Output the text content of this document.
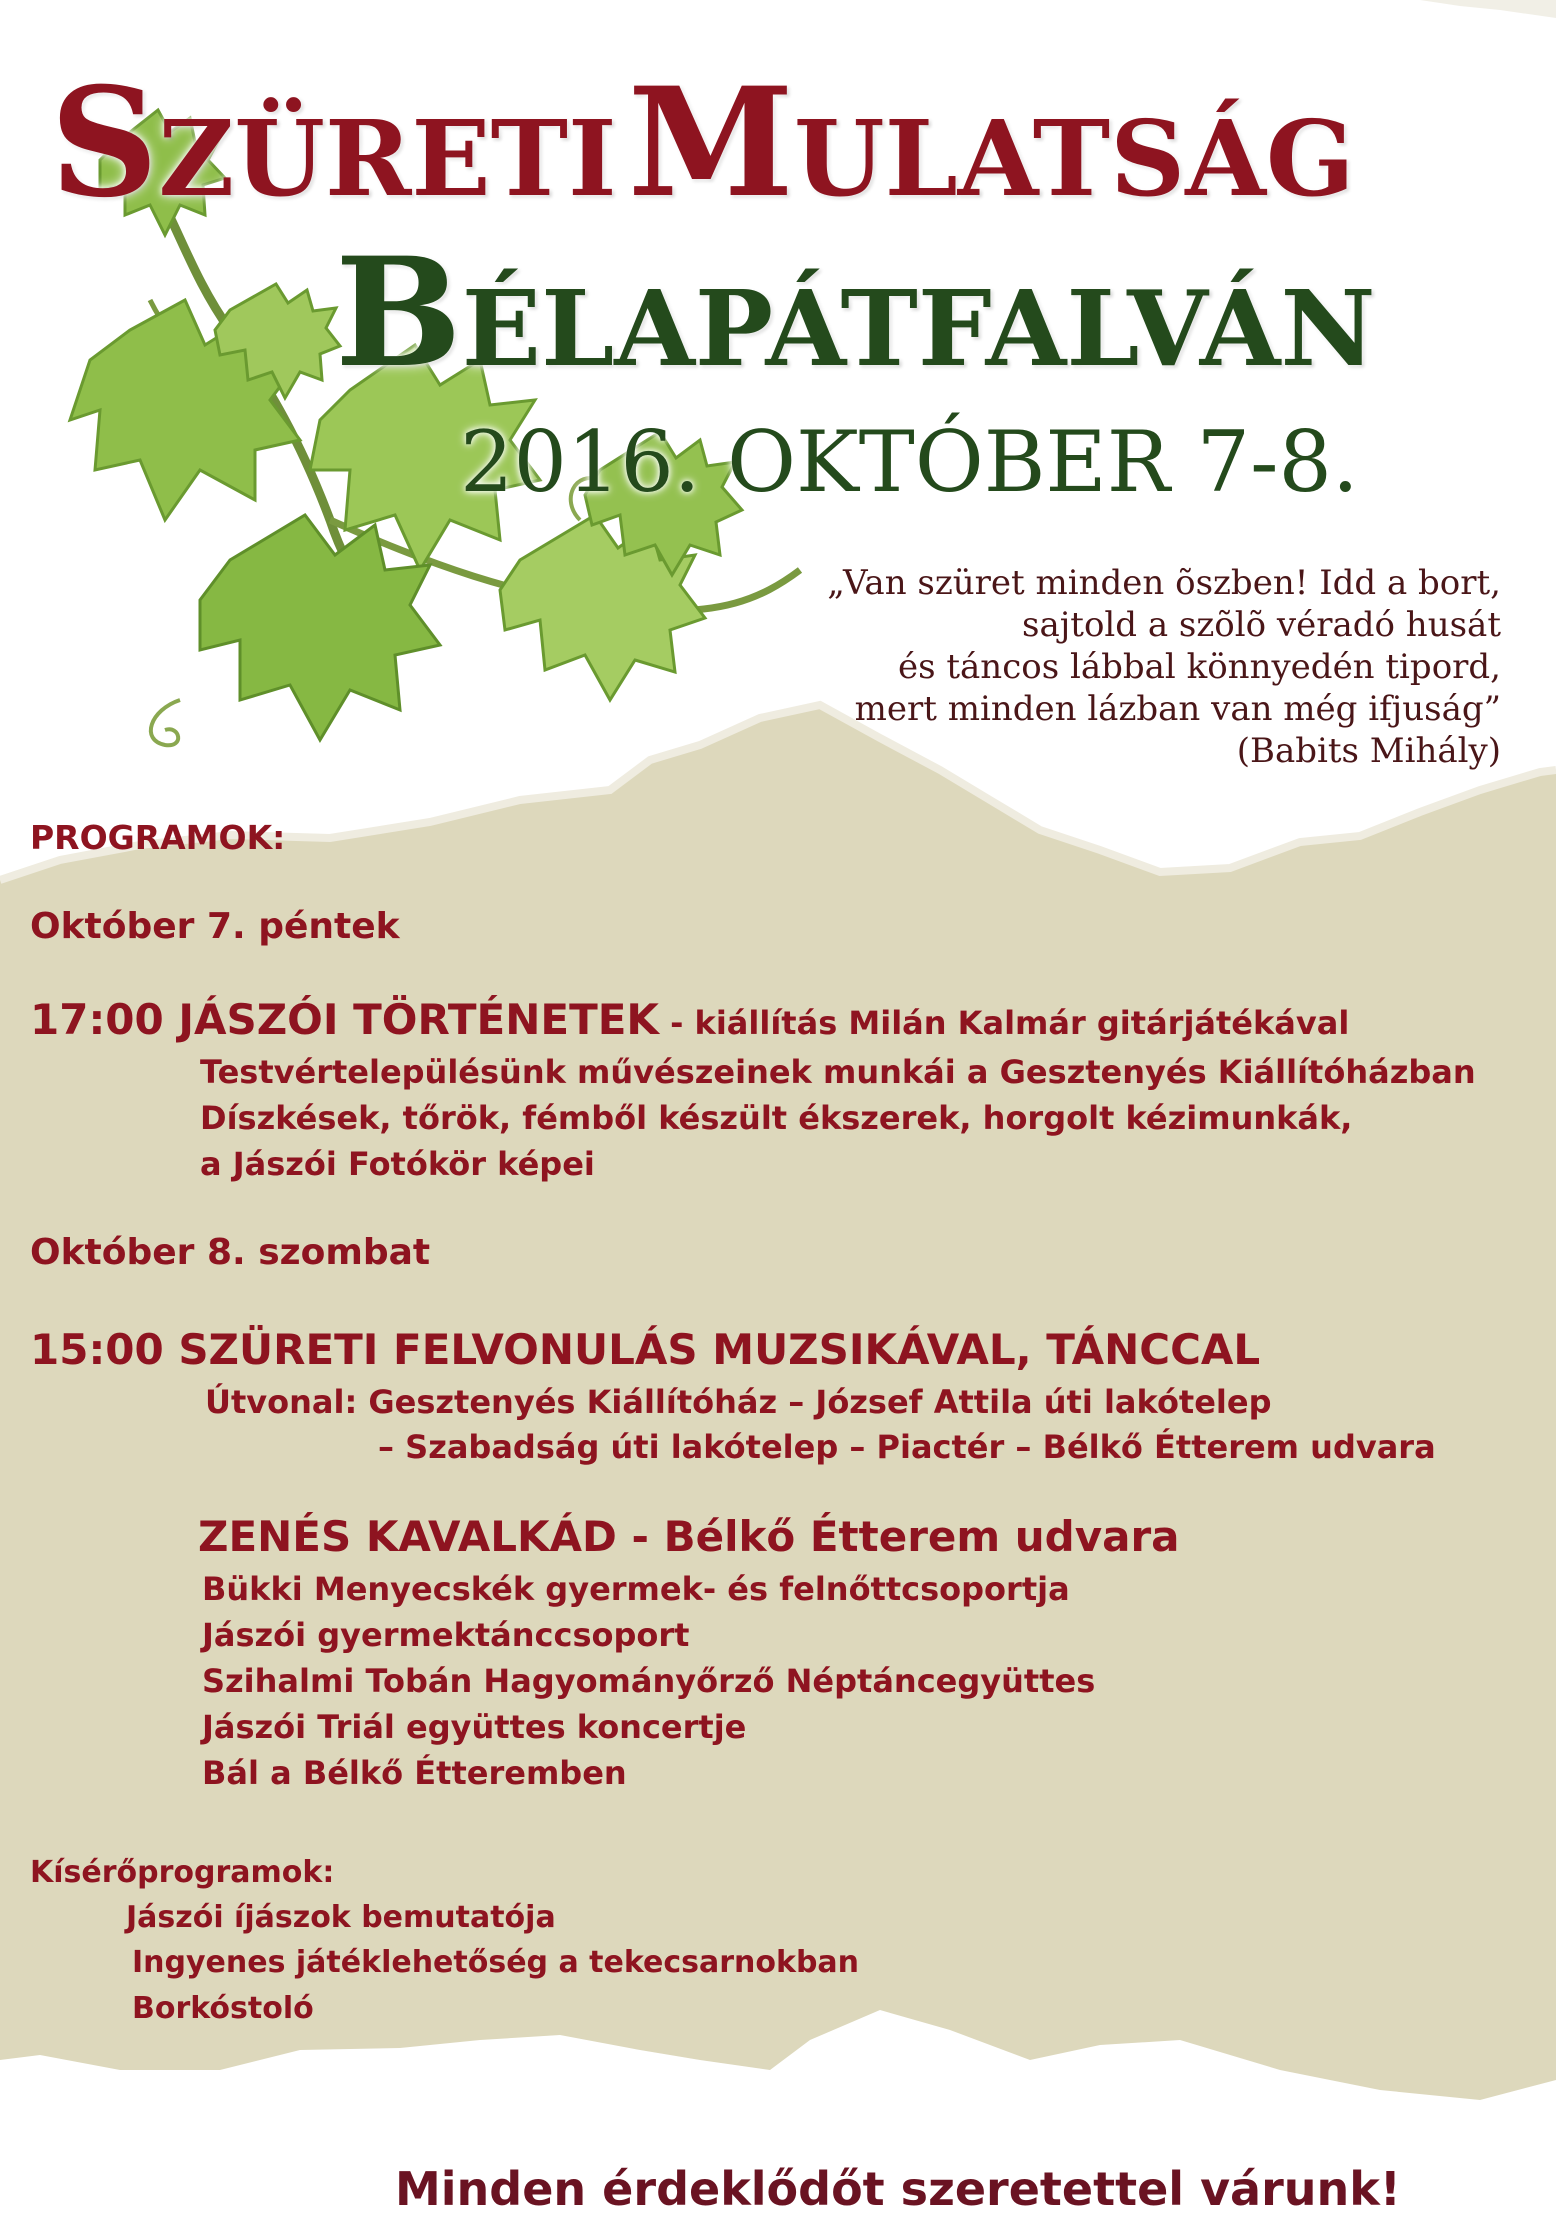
SZÜRETI MULATSÁG
BÉLAPÁTFALVÁN
2016. OKTÓBER 7-8.
„Van szüret minden õszben! Idd a bort,
sajtold a szõlõ véradó husát
és táncos lábbal könnyedén tipord,
mert minden lázban van még ifjuság”
(Babits Mihály)
PROGRAMOK:
Október 7. péntek
17:00 JÁSZÓI TÖRTÉNETEK - kiállítás Milán Kalmár gitárjátékával
Testvértelepülésünk művészeinek munkái a Gesztenyés Kiállítóházban
Díszkések, tőrök, fémből készült ékszerek, horgolt kézimunkák,
a Jászói Fotókör képei
Október 8. szombat
15:00 SZÜRETI FELVONULÁS MUZSIKÁVAL, TÁNCCAL
Útvonal: Gesztenyés Kiállítóház – József Attila úti lakótelep
– Szabadság úti lakótelep – Piactér – Bélkő Étterem udvara
ZENÉS KAVALKÁD - Bélkő Étterem udvara
Bükki Menyecskék gyermek- és felnőttcsoportja
Jászói gyermektánccsoport
Szihalmi Tobán Hagyományőrző Néptáncegyüttes
Jászói Triál együttes koncertje
Bál a Bélkő Étteremben
Kísérőprogramok:
Jászói íjászok bemutatója
Ingyenes játéklehetőség a tekecsarnokban
Borkóstoló
Minden érdeklődőt szeretettel várunk!
